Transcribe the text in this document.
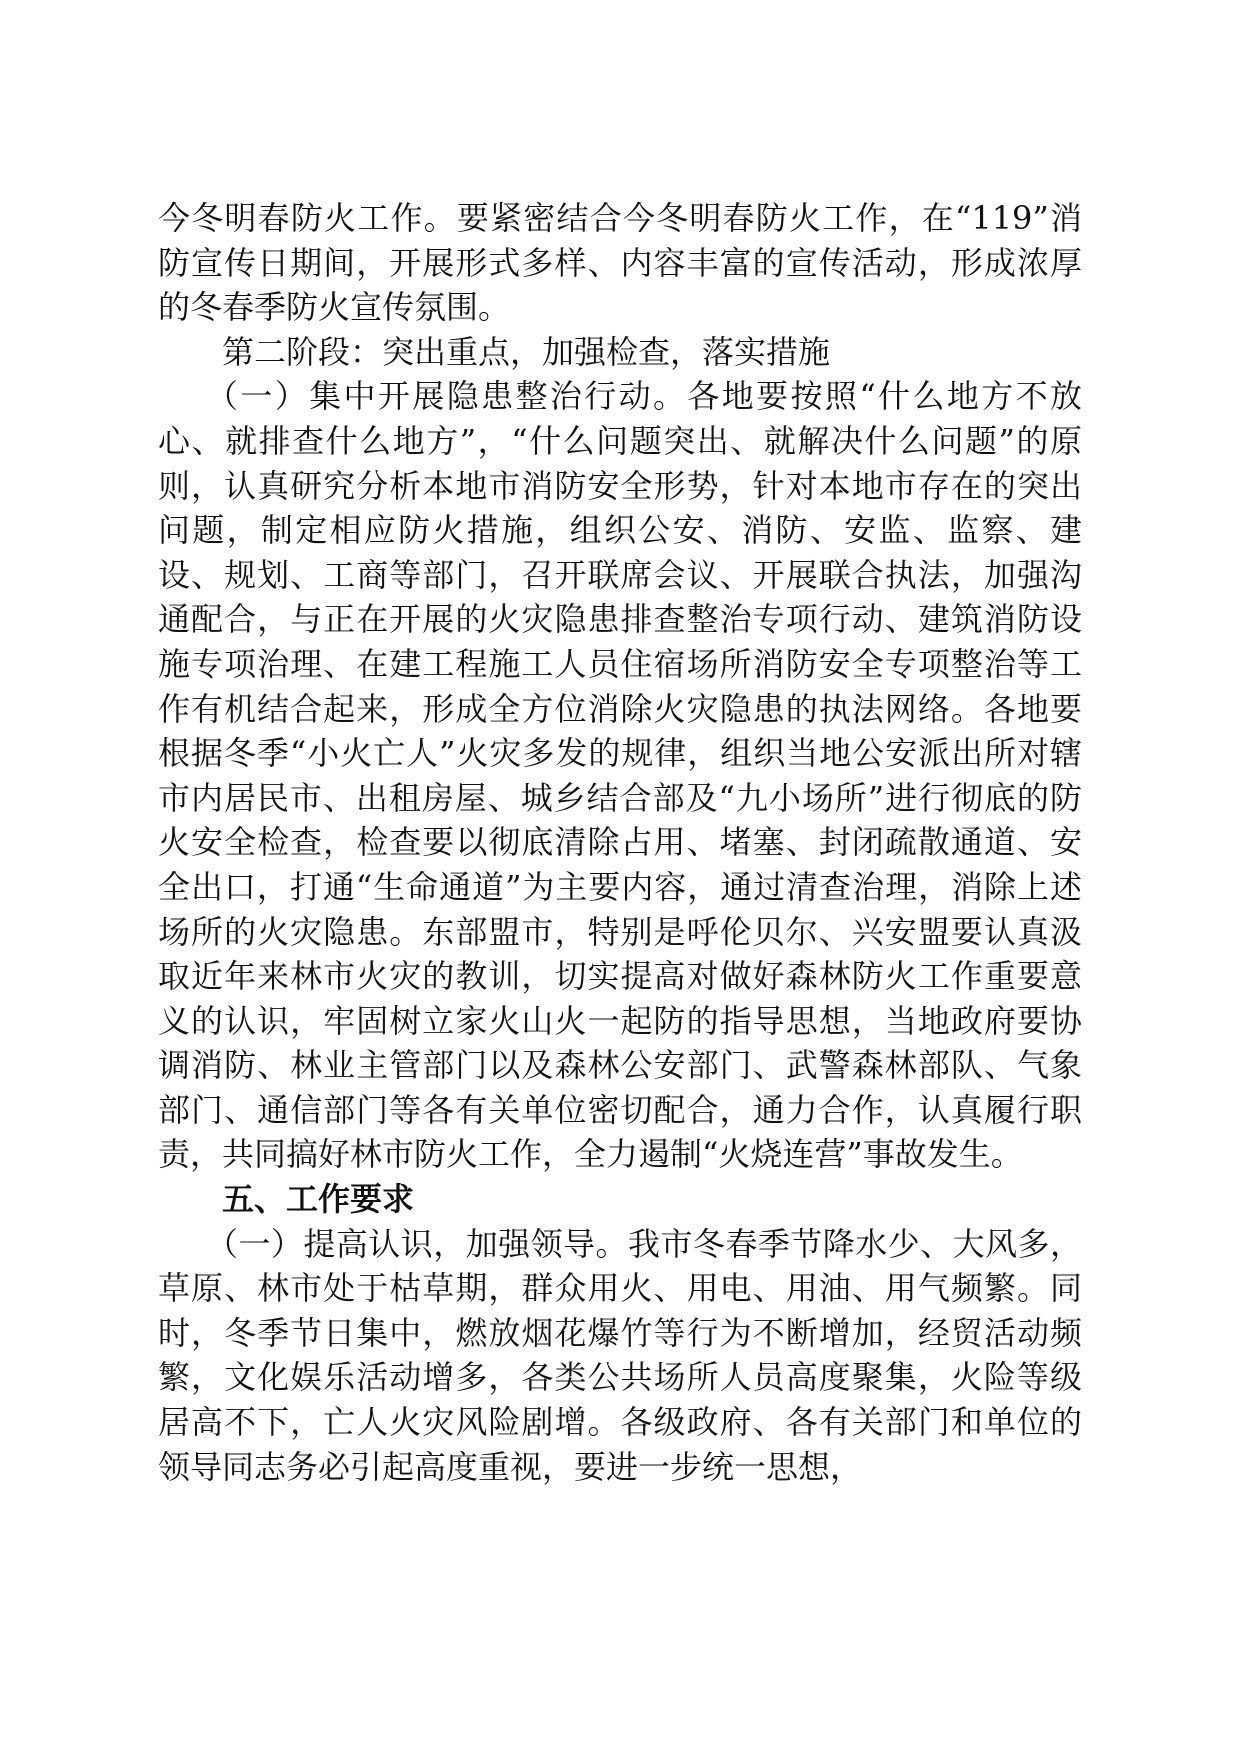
今冬明春防火工作。要紧密结合今冬明春防火工作，在“119”消防宣传日期间，开展形式多样、内容丰富的宣传活动，形成浓厚的冬春季防火宣传氛围。

第二阶段：突出重点，加强检查，落实措施

（一）集中开展隐患整治行动。各地要按照“什么地方不放心、就排查什么地方”，“什么问题突出、就解决什么问题”的原则，认真研究分析本地市消防安全形势，针对本地市存在的突出问题，制定相应防火措施，组织公安、消防、安监、监察、建设、规划、工商等部门，召开联席会议、开展联合执法，加强沟通配合，与正在开展的火灾隐患排查整治专项行动、建筑消防设施专项治理、在建工程施工人员住宿场所消防安全专项整治等工作有机结合起来，形成全方位消除火灾隐患的执法网络。各地要根据冬季“小火亡人”火灾多发的规律，组织当地公安派出所对辖市内居民市、出租房屋、城乡结合部及“九小场所”进行彻底的防火安全检查，检查要以彻底清除占用、堵塞、封闭疏散通道、安全出口，打通“生命通道”为主要内容，通过清查治理，消除上述场所的火灾隐患。东部盟市，特别是呼伦贝尔、兴安盟要认真汲取近年来林市火灾的教训，切实提高对做好森林防火工作重要意义的认识，牢固树立家火山火一起防的指导思想，当地政府要协调消防、林业主管部门以及森林公安部门、武警森林部队、气象部门、通信部门等各有关单位密切配合，通力合作，认真履行职责，共同搞好林市防火工作，全力遏制“火烧连营”事故发生。

五、工作要求

（一）提高认识，加强领导。我市冬春季节降水少、大风多，草原、林市处于枯草期，群众用火、用电、用油、用气频繁。同时，冬季节日集中，燃放烟花爆竹等行为不断增加，经贸活动频繁，文化娱乐活动增多，各类公共场所人员高度聚集，火险等级居高不下，亡人火灾风险剧增。各级政府、各有关部门和单位的领导同志务必引起高度重视，要进一步统一思想，
